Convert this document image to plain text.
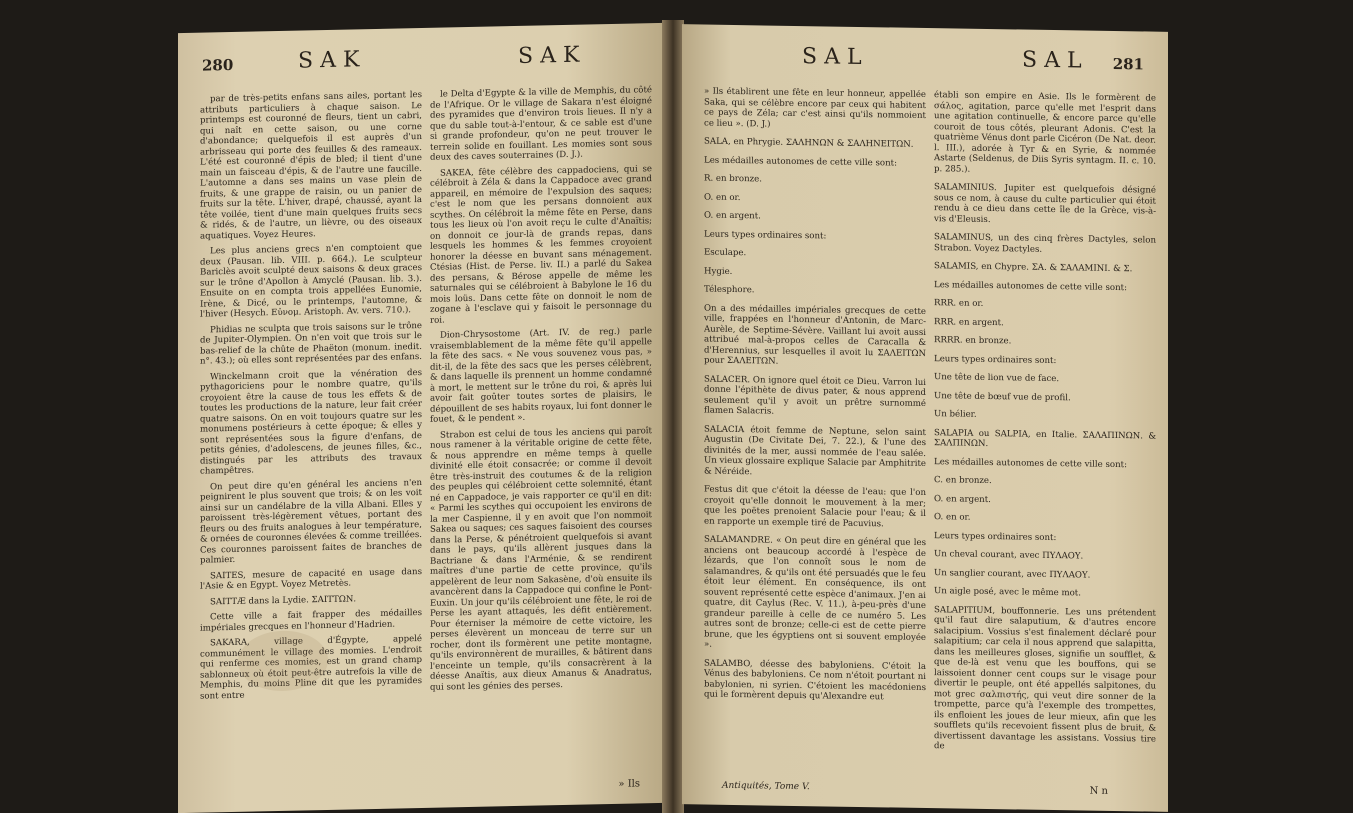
280	SAK	SAK

par de très-petits enfans sans ailes, portant les attributs particuliers à chaque saison. Le printemps est couronné de fleurs, tient un cabri, qui naît en cette saison, ou une corne d'abondance; quelquefois il est auprès d'un arbrisseau qui porte des feuilles & des rameaux. L'été est couronné d'épis de bled; il tient d'une main un faisceau d'épis, & de l'autre une faucille. L'automne a dans ses mains un vase plein de fruits, & une grappe de raisin, ou un panier de fruits sur la tête. L'hiver, drapé, chaussé, ayant la tête voilée, tient d'une main quelques fruits secs & ridés, & de l'autre, un lièvre, ou des oiseaux aquatiques. Voyez Heures.

Les plus anciens grecs n'en comptoient que deux (Pausan. lib. VIII. p. 664.). Le sculpteur Bariclès avoit sculpté deux saisons & deux graces sur le trône d'Apollon à Amyclé (Pausan. lib. 3.). Ensuite on en compta trois appellées Eunomie, Irène, & Dicé, ou le printemps, l'automne, & l'hiver (Hesych. Εὐνομ. Aristoph. Av. vers. 710.).

Phidias ne sculpta que trois saisons sur le trône de Jupiter-Olympien. On n'en voit que trois sur le bas-relief de la chûte de Phaëton (monum. inedit. n°. 43.); où elles sont représentées par des enfans.

Winckelmann croit que la vénération des pythagoriciens pour le nombre quatre, qu'ils croyoient être la cause de tous les effets & de toutes les productions de la nature, leur fait créer quatre saisons. On en voit toujours quatre sur les monumens postérieurs à cette époque; & elles y sont représentées sous la figure d'enfans, de petits génies, d'adolescens, de jeunes filles, &c., distingués par les attributs des travaux champêtres.

On peut dire qu'en général les anciens n'en peignirent le plus souvent que trois; & on les voit ainsi sur un candélabre de la villa Albani. Elles y paroissent très-légèrement vêtues, portant des fleurs ou des fruits analogues à leur température, & ornées de couronnes élevées & comme treillées. Ces couronnes paroissent faites de branches de palmier.

SAITES, mesure de capacité en usage dans l'Asie & en Egypt. Voyez Metretès.

SAITTÆ dans la Lydie. ΣΑΙΤΤΩΝ.

Cette ville a fait frapper des médailles impériales grecques en l'honneur d'Hadrien.

SAKARA, village d'Égypte, appelé communément le village des momies. L'endroit qui renferme ces momies, est un grand champ sablonneux où étoit peut-être autrefois la ville de Memphis, du moins Pline dit que les pyramides sont entre

le Delta d'Egypte & la ville de Memphis, du côté de l'Afrique. Or le village de Sakara n'est éloigné des pyramides que d'environ trois lieues. Il n'y a que du sable tout-à-l'entour, & ce sable est d'une si grande profondeur, qu'on ne peut trouver le terrein solide en fouillant. Les momies sont sous deux des caves souterraines (D. J.).

SAKEA, fête célèbre des cappadociens, qui se célébroit à Zéla & dans la Cappadoce avec grand appareil, en mémoire de l'expulsion des saques; c'est le nom que les persans donnoient aux scythes. On célébroit la même fête en Perse, dans tous les lieux où l'on avoit reçu le culte d'Anaïtis; on donnoit ce jour-là de grands repas, dans lesquels les hommes & les femmes croyoient honorer la déesse en buvant sans ménagement. Ctésias (Hist. de Perse. liv. II.) a parlé du Sakea des persans, & Bérose appelle de même les saturnales qui se célébroient à Babylone le 16 du mois loüs. Dans cette fête on donnoit le nom de zogane à l'esclave qui y faisoit le personnage du roi.

Dion-Chrysostome (Art. IV. de reg.) parle vraisemblablement de la même fête qu'il appelle la fête des sacs. « Ne vous souvenez vous pas, » dit-il, de la fête des sacs que les perses célèbrent, & dans laquelle ils prennent un homme condamné à mort, le mettent sur le trône du roi, & après lui avoir fait goûter toutes sortes de plaisirs, le dépouillent de ses habits royaux, lui font donner le fouet, & le pendent ».

Strabon est celui de tous les anciens qui paroît nous ramener à la véritable origine de cette fête, & nous apprendre en même temps à quelle divinité elle étoit consacrée; or comme il devoit être très-instruit des coutumes & de la religion des peuples qui célébroient cette solemnité, étant né en Cappadoce, je vais rapporter ce qu'il en dit: « Parmi les scythes qui occupoient les environs de la mer Caspienne, il y en avoit que l'on nommoit Sakea ou saques; ces saques faisoient des courses dans la Perse, & pénétroient quelquefois si avant dans le pays, qu'ils allèrent jusques dans la Bactriane & dans l'Arménie, & se rendirent maîtres d'une partie de cette province, qu'ils appelèrent de leur nom Sakasène, d'où ensuite ils avancèrent dans la Cappadoce qui confine le Pont-Euxin. Un jour qu'ils célébroient une fête, le roi de Perse les ayant attaqués, les défit entièrement. Pour éterniser la mémoire de cette victoire, les perses élevèrent un monceau de terre sur un rocher, dont ils formèrent une petite montagne, qu'ils environnèrent de murailles, & bâtirent dans l'enceinte un temple, qu'ils consacrèrent à la déesse Anaïtis, aux dieux Amanus & Anadratus, qui sont les génies des perses.

» Ils
SAL	SAL 281

» Ils établirent une fête en leur honneur, appellée Saka, qui se célèbre encore par ceux qui habitent ce pays de Zéla; car c'est ainsi qu'ils nommoient ce lieu ». (D. J.)

SALA, en Phrygie. ΣΑΛΗΝΩΝ & ΣΑΛΗΝΕΙΤΩΝ.

Les médailles autonomes de cette ville sont:

R. en bronze.

O. en or.

O. en argent.

Leurs types ordinaires sont:

Esculape.

Hygie.

Télesphore.

On a des médailles impériales grecques de cette ville, frappées en l'honneur d'Antonin, de Marc-Aurèle, de Septime-Sévère. Vaillant lui avoit aussi attribué mal-à-propos celles de Caracalla & d'Herennius, sur lesquelles il avoit lu ΣΑΛΕΙΤΩΝ pour ΣΑΛΕΙΤΩΝ.

SALACER. On ignore quel étoit ce Dieu. Varron lui donne l'épithète de divus pater, & nous apprend seulement qu'il y avoit un prêtre surnommé flamen Salacris.

SALACIA étoit femme de Neptune, selon saint Augustin (De Civitate Dei, 7. 22.), & l'une des divinités de la mer, aussi nommée de l'eau salée. Un vieux glossaire explique Salacie par Amphitrite & Néréide.

Festus dit que c'étoit la déesse de l'eau: que l'on croyoit qu'elle donnoit le mouvement à la mer; que les poëtes prenoient Salacie pour l'eau; & il en rapporte un exemple tiré de Pacuvius.

SALAMANDRE. « On peut dire en général que les anciens ont beaucoup accordé à l'espèce de lézards, que l'on connoît sous le nom de salamandres, & qu'ils ont été persuadés que le feu étoit leur élément. En conséquence, ils ont souvent représenté cette espèce d'animaux. J'en ai quatre, dit Caylus (Rec. V. 11.), à-peu-près d'une grandeur pareille à celle de ce numéro 5. Les autres sont de bronze; celle-ci est de cette pierre brune, que les égyptiens ont si souvent employée ».

SALAMBO, déesse des babyloniens. C'étoit la Vénus des babyloniens. Ce nom n'étoit pourtant ni babylonien, ni syrien. C'étoient les macédoniens qui le formèrent depuis qu'Alexandre eut

établi son empire en Asie. Ils le formèrent de σάλος, agitation, parce qu'elle met l'esprit dans une agitation continuelle, & encore parce qu'elle couroit de tous côtés, pleurant Adonis. C'est la quatrième Vénus dont parle Cicéron (De Nat. deor. l. III.), adorée à Tyr & en Syrie, & nommée Astarte (Seldenus, de Diis Syris syntagm. II. c. 10. p. 285.).

SALAMINIUS. Jupiter est quelquefois désigné sous ce nom, à cause du culte particulier qui étoit rendu à ce dieu dans cette île de la Grèce, vis-à-vis d'Eleusis.

SALAMINUS, un des cinq frères Dactyles, selon Strabon. Voyez Dactyles.

SALAMIS, en Chypre. ΣΑ. & ΣΑΛΑΜΙΝΙ. & Σ.

Les médailles autonomes de cette ville sont:

RRR. en or.

RRR. en argent.

RRRR. en bronze.

Leurs types ordinaires sont:

Une tête de lion vue de face.

Une tête de bœuf vue de profil.

Un bélier.

SALAPIA ou SALPIA, en Italie. ΣΑΛΑΠΙΝΩΝ. & ΣΑΛΠΙΝΩΝ.

Les médailles autonomes de cette ville sont:

C. en bronze.

O. en argent.

O. en or.

Leurs types ordinaires sont:

Un cheval courant, avec ΠΥΛΑΟΥ.

Un sanglier courant, avec ΠΥΛΑΟΥ.

Un aigle posé, avec le même mot.

SALAPITIUM, bouffonnerie. Les uns prétendent qu'il faut dire salaputium, & d'autres encore salacipium. Vossius s'est finalement déclaré pour salapitium; car cela il nous apprend que salapitta, dans les meilleures gloses, signifie un soufflet, & que de-là est venu que les bouffons, qui se laissoient donner cent coups sur le visage pour divertir le peuple, ont été appellés salpitones, du mot grec σαλπιστής, qui veut dire sonner de la trompette, parce qu'à l'exemple des trompettes, ils enfloient les joues de leur mieux, afin que les soufflets qu'ils recevoient fissent plus de bruit, & divertissent davantage les assistans. Vossius tire de

Antiquités, Tome V.	N n
